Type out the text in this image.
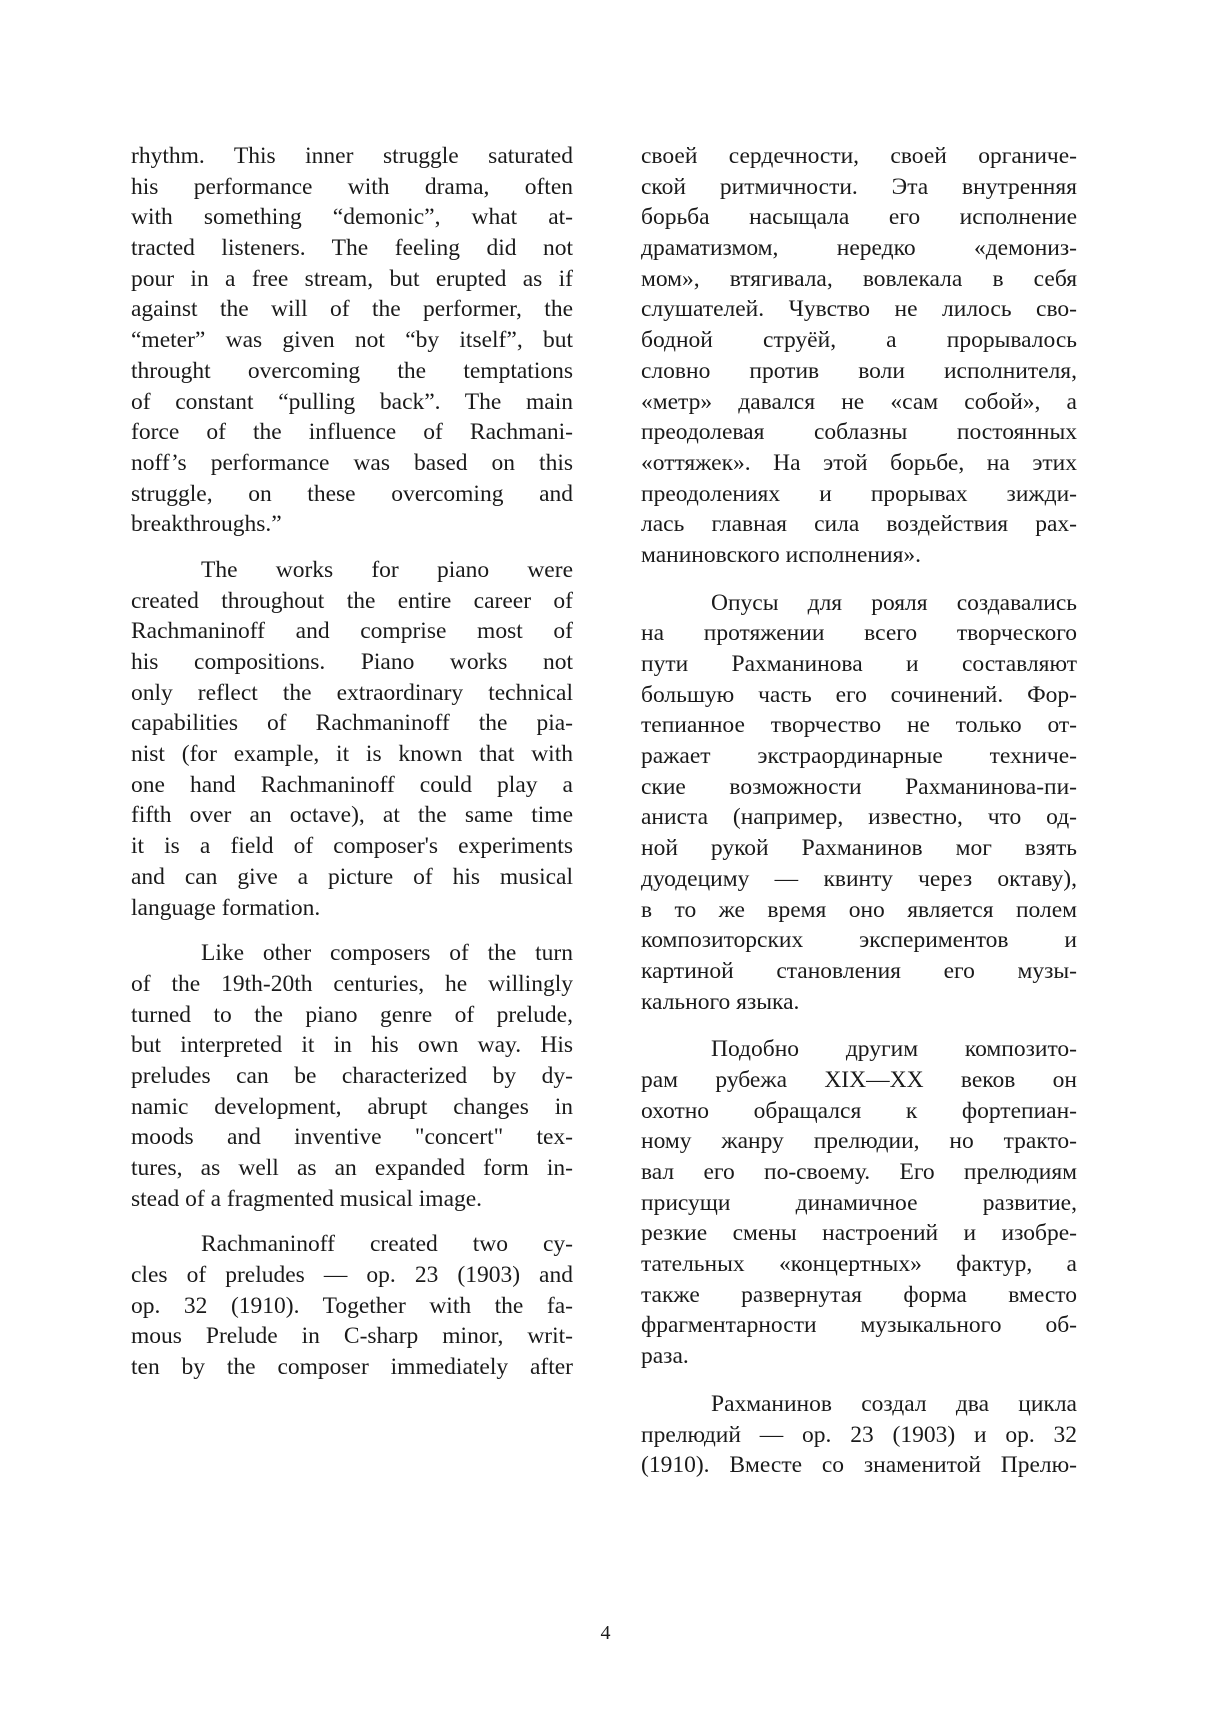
rhythm. This inner struggle saturated
his performance with drama, often
with something “demonic”, what at-
tracted listeners. The feeling did not
pour in a free stream, but erupted as if
against the will of the performer, the
“meter” was given not “by itself”, but
throught overcoming the temptations
of constant “pulling back”. The main
force of the influence of Rachmani-
noff’s performance was based on this
struggle, on these overcoming and
breakthroughs.”
The works for piano were
created throughout the entire career of
Rachmaninoff and comprise most of
his compositions. Piano works not
only reflect the extraordinary technical
capabilities of Rachmaninoff the pia-
nist (for example, it is known that with
one hand Rachmaninoff could play a
fifth over an octave), at the same time
it is a field of composer's experiments
and can give a picture of his musical
language formation.
Like other composers of the turn
of the 19th-20th centuries, he willingly
turned to the piano genre of prelude,
but interpreted it in his own way. His
preludes can be characterized by dy-
namic development, abrupt changes in
moods and inventive "concert" tex-
tures, as well as an expanded form in-
stead of a fragmented musical image.
Rachmaninoff created two cy-
cles of preludes — op. 23 (1903) and
op. 32 (1910). Together with the fa-
mous Prelude in C-sharp minor, writ-
ten by the composer immediately after
своей сердечности, своей органиче-
ской ритмичности. Эта внутренняя
борьба насыщала его исполнение
драматизмом, нередко «демониз-
мом», втягивала, вовлекала в себя
слушателей. Чувство не лилось сво-
бодной струёй, а прорывалось
словно против воли исполнителя,
«метр» давался не «сам собой», а
преодолевая соблазны постоянных
«оттяжек». На этой борьбе, на этих
преодолениях и прорывах зижди-
лась главная сила воздействия рах-
маниновского исполнения».
Опусы для рояля создавались
на протяжении всего творческого
пути Рахманинова и составляют
большую часть его сочинений. Фор-
тепианное творчество не только от-
ражает экстраординарные техниче-
ские возможности Рахманинова-пи-
аниста (например, известно, что од-
ной рукой Рахманинов мог взять
дуодециму — квинту через октаву),
в то же время оно является полем
композиторских экспериментов и
картиной становления его музы-
кального языка.
Подобно другим композито-
рам рубежа XIX—XX веков он
охотно обращался к фортепиан-
ному жанру прелюдии, но тракто-
вал его по-своему. Его прелюдиям
присущи динамичное развитие,
резкие смены настроений и изобре-
тательных «концертных» фактур, а
также развернутая форма вместо
фрагментарности музыкального об-
раза.
Рахманинов создал два цикла
прелюдий — op. 23 (1903) и op. 32
(1910). Вместе со знаменитой Прелю-
4
